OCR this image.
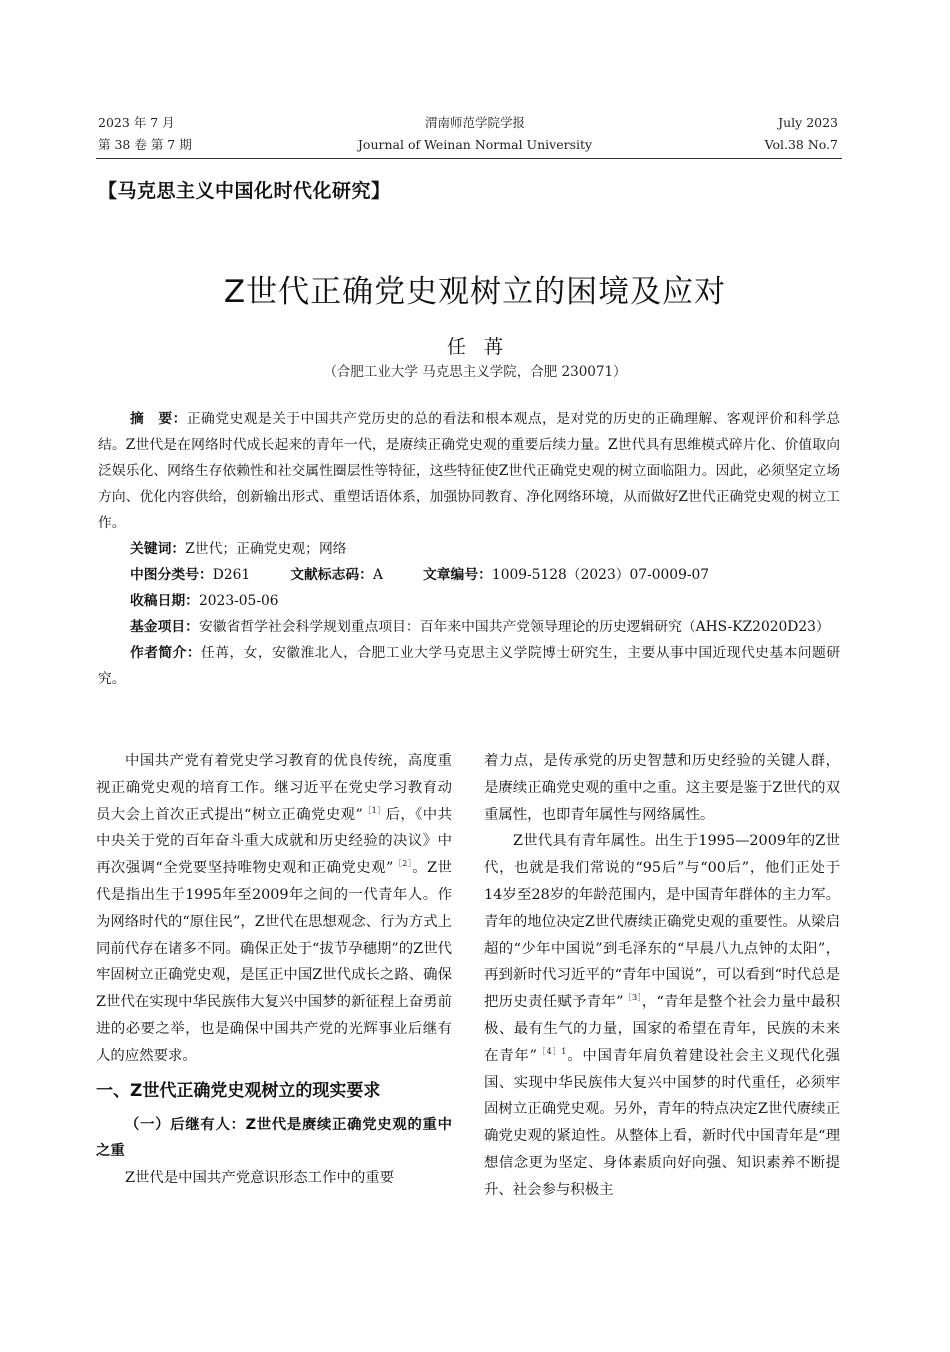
2023 年 7 月
第 38 卷 第 7 期
渭南师范学院学报
Journal of Weinan Normal University
July 2023
Vol.38 No.7
【马克思主义中国化时代化研究】
Z世代正确党史观树立的困境及应对
任苒
（合肥工业大学 马克思主义学院，合肥 230071）

摘　要：正确党史观是关于中国共产党历史的总的看法和根本观点，是对党的历史的正确理解、客观评价和科学总结。Z世代是在网络时代成长起来的青年一代，是赓续正确党史观的重要后续力量。Z世代具有思维模式碎片化、价值取向泛娱乐化、网络生存依赖性和社交属性圈层性等特征，这些特征使Z世代正确党史观的树立面临阻力。因此，必须坚定立场方向、优化内容供给，创新输出形式、重塑话语体系，加强协同教育、净化网络环境，从而做好Z世代正确党史观的树立工作。

关键词：Z世代；正确党史观；网络

中图分类号：D261	文献标志码：A	文章编号：1009-5128（2023）07-0009-07

收稿日期：2023-05-06

基金项目：安徽省哲学社会科学规划重点项目：百年来中国共产党领导理论的历史逻辑研究（AHS-KZ2020D23）

作者简介：任苒，女，安徽淮北人，合肥工业大学马克思主义学院博士研究生，主要从事中国近现代史基本问题研究。

中国共产党有着党史学习教育的优良传统，高度重视正确党史观的培育工作。继习近平在党史学习教育动员大会上首次正式提出“树立正确党史观”$^{[1]}$后，《中共中央关于党的百年奋斗重大成就和历史经验的决议》中再次强调“全党要坚持唯物史观和正确党史观”$^{[2]}$。Z世代是指出生于1995年至2009年之间的一代青年人。作为网络时代的“原住民”，Z世代在思想观念、行为方式上同前代存在诸多不同。确保正处于“拔节孕穗期”的Z世代牢固树立正确党史观，是匡正中国Z世代成长之路、确保Z世代在实现中华民族伟大复兴中国梦的新征程上奋勇前进的必要之举，也是确保中国共产党的光辉事业后继有人的应然要求。

一、Z世代正确党史观树立的现实要求

（一）后继有人：Z世代是赓续正确党史观的重中之重

Z世代是中国共产党意识形态工作中的重要

着力点，是传承党的历史智慧和历史经验的关键人群，是赓续正确党史观的重中之重。这主要是鉴于Z世代的双重属性，也即青年属性与网络属性。

Z世代具有青年属性。出生于1995—2009年的Z世代，也就是我们常说的“95后”与“00后”，他们正处于14岁至28岁的年龄范围内，是中国青年群体的主力军。青年的地位决定Z世代赓续正确党史观的重要性。从梁启超的“少年中国说”到毛泽东的“早晨八九点钟的太阳”，再到新时代习近平的“青年中国说”，可以看到“时代总是把历史责任赋予青年”$^{[3]}$，“青年是整个社会力量中最积极、最有生气的力量，国家的希望在青年，民族的未来在青年”$^{[4]1}$。中国青年肩负着建设社会主义现代化强国、实现中华民族伟大复兴中国梦的时代重任，必须牢固树立正确党史观。另外，青年的特点决定Z世代赓续正确党史观的紧迫性。从整体上看，新时代中国青年是“理想信念更为坚定、身体素质向好向强、知识素养不断提升、社会参与积极主
